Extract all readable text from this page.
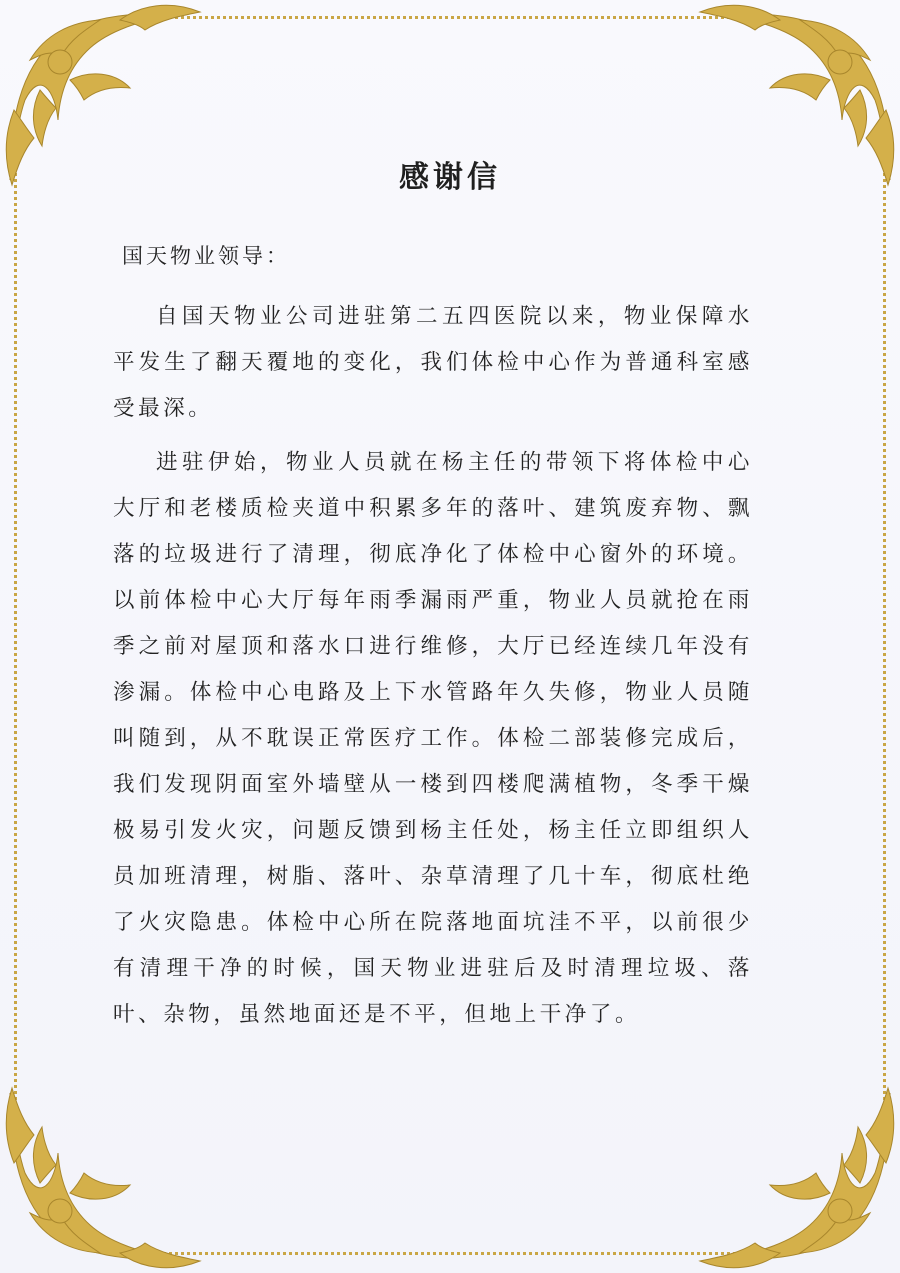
感谢信
国天物业领导：

自国天物业公司进驻第二五四医院以来，物业保障水平发生了翻天覆地的变化，我们体检中心作为普通科室感受最深。

进驻伊始，物业人员就在杨主任的带领下将体检中心大厅和老楼质检夹道中积累多年的落叶、建筑废弃物、飘落的垃圾进行了清理，彻底净化了体检中心窗外的环境。以前体检中心大厅每年雨季漏雨严重，物业人员就抢在雨季之前对屋顶和落水口进行维修，大厅已经连续几年没有渗漏。体检中心电路及上下水管路年久失修，物业人员随叫随到，从不耽误正常医疗工作。体检二部装修完成后，我们发现阴面室外墙壁从一楼到四楼爬满植物，冬季干燥极易引发火灾，问题反馈到杨主任处，杨主任立即组织人员加班清理，树脂、落叶、杂草清理了几十车，彻底杜绝了火灾隐患。体检中心所在院落地面坑洼不平，以前很少有清理干净的时候，国天物业进驻后及时清理垃圾、落叶、杂物，虽然地面还是不平，但地上干净了。
